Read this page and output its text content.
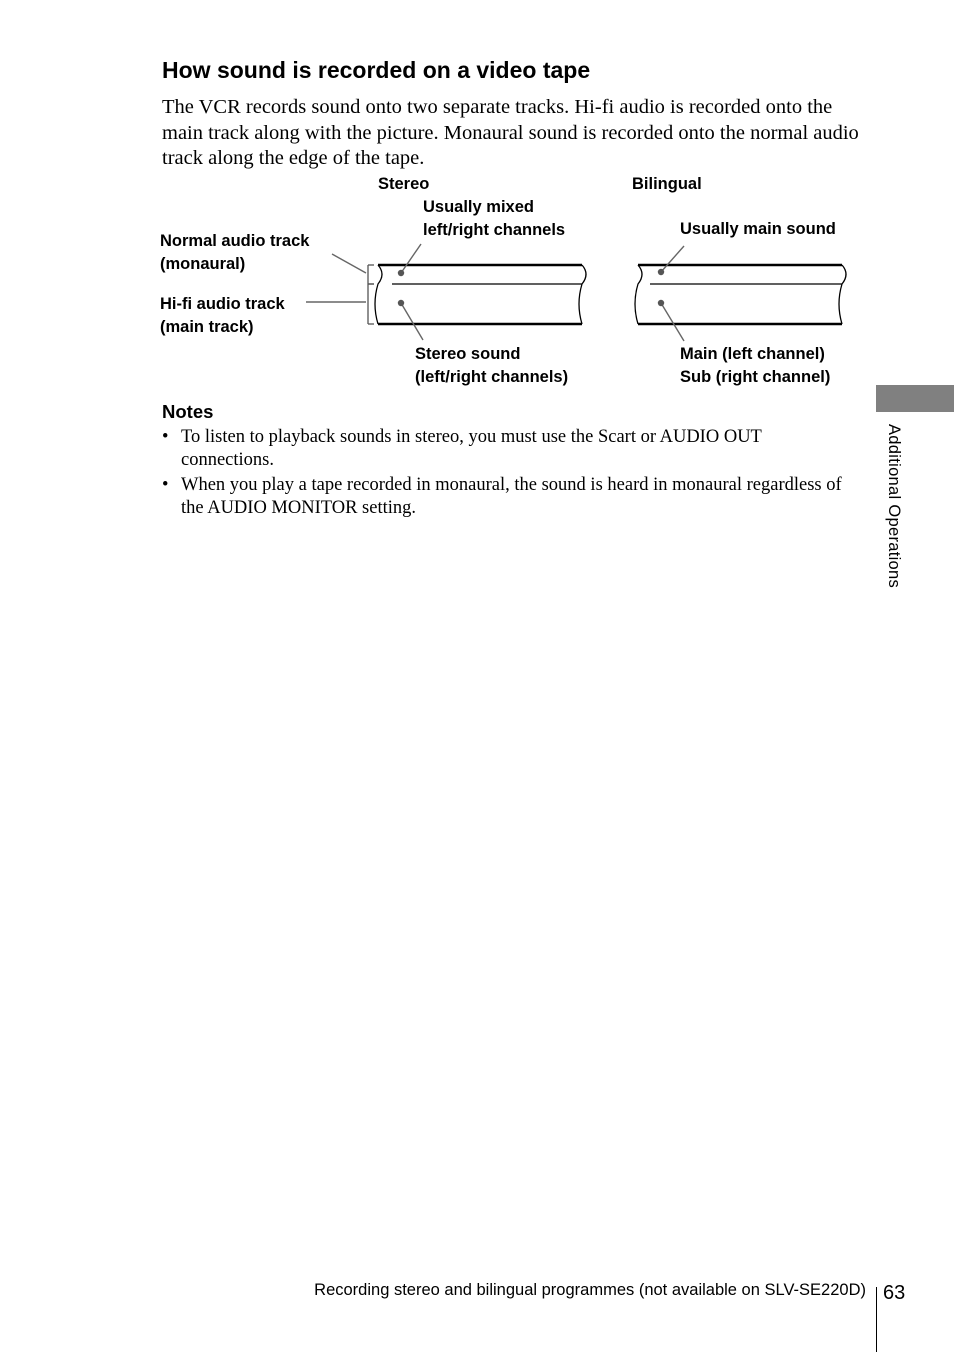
How sound is recorded on a video tape

The VCR records sound onto two separate tracks. Hi-fi audio is recorded onto the main track along with the picture. Monaural sound is recorded onto the normal audio track along the edge of the tape.

Stereo	Bilingual
Usually mixed
left/right channels	Usually main sound
Normal audio track
(monaural)
Hi-fi audio track
(main track)
Stereo sound
(left/right channels)
Main (left channel)
Sub (right channel)
Notes
• To listen to playback sounds in stereo, you must use the Scart or AUDIO OUT connections.
• When you play a tape recorded in monaural, the sound is heard in monaural regardless of the AUDIO MONITOR setting.	Additional Operations
Recording stereo and bilingual programmes (not available on SLV-SE220D) 63
